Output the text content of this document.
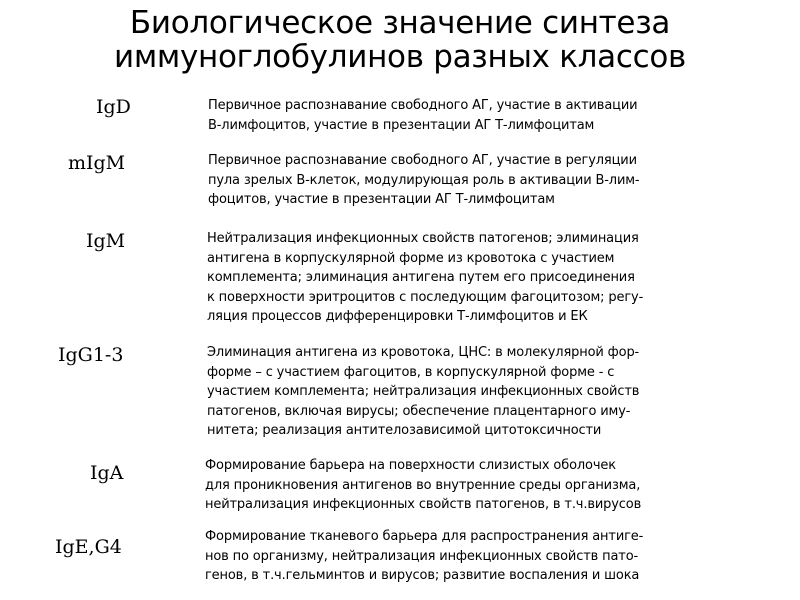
Биологическое значение синтеза
иммуноглобулинов разных классов
IgD	Первичное распознавание свободного АГ, участие в активации
В-лимфоцитов, участие в презентации АГ Т-лимфоцитам
mIgM	Первичное распознавание свободного АГ, участие в регуляции
пула зрелых В-клеток, модулирующая роль в активации В-лим-
фоцитов, участие в презентации АГ Т-лимфоцитам
IgM	Нейтрализация инфекционных свойств патогенов; элиминация
антигена в корпускулярной форме из кровотока с участием
комплемента; элиминация антигена путем его присоединения
к поверхности эритроцитов с последующим фагоцитозом; регу-
ляция процессов дифференцировки Т-лимфоцитов и ЕК
IgG1-3	Элиминация антигена из кровотока, ЦНС: в молекулярной фор-
форме – с участием фагоцитов, в корпускулярной форме - с
участием комплемента; нейтрализация инфекционных свойств
патогенов, включая вирусы; обеспечение плацентарного иму-
нитета; реализация антителозависимой цитотоксичности
IgA	Формирование барьера на поверхности слизистых оболочек
для проникновения антигенов во внутренние среды организма,
нейтрализация инфекционных свойств патогенов, в т.ч.вирусов
IgE,G4	Формирование тканевого барьера для распространения антиге-
нов по организму, нейтрализация инфекционных свойств пато-
генов, в т.ч.гельминтов и вирусов; развитие воспаления и шока
